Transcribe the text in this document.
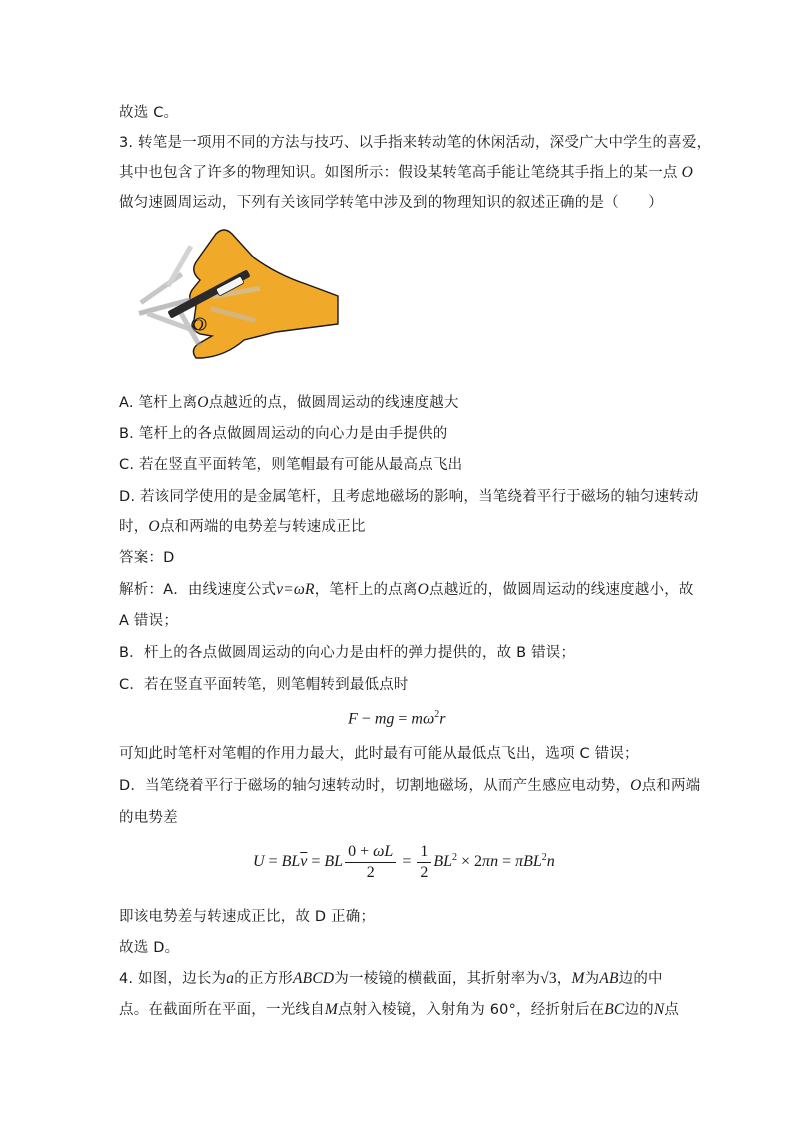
故选 C。
3. 转笔是一项用不同的方法与技巧、以手指来转动笔的休闲活动，深受广大中学生的喜爱，
其中也包含了许多的物理知识。如图所示：假设某转笔高手能让笔绕其手指上的某一点 O
做匀速圆周运动，下列有关该同学转笔中涉及到的物理知识的叙述正确的是（　　）
O
A. 笔杆上离O点越近的点，做圆周运动的线速度越大
B. 笔杆上的各点做圆周运动的向心力是由手提供的
C. 若在竖直平面转笔，则笔帽最有可能从最高点飞出
D. 若该同学使用的是金属笔杆，且考虑地磁场的影响，当笔绕着平行于磁场的轴匀速转动
时，O点和两端的电势差与转速成正比
答案：D
解析：A．由线速度公式v=ωR，笔杆上的点离O点越近的，做圆周运动的线速度越小，故
A 错误；
B．杆上的各点做圆周运动的向心力是由杆的弹力提供的，故 B 错误；
C．若在竖直平面转笔，则笔帽转到最低点时
F − mg = $m\omega^2r$
可知此时笔杆对笔帽的作用力最大，此时最有可能从最低点飞出，选项 C 错误；
D．当笔绕着平行于磁场的轴匀速转动时，切割地磁场，从而产生感应电动势，O点和两端
的电势差
$U = BL\overline{v}$ = BL $\frac{0 + \omega L}{2} = \frac{1}{2} BL^2 \times 2\pi n = \pi BL^2n$
即该电势差与转速成正比，故 D 正确；
故选 D。
4. 如图，边长为a的正方形ABCD为一棱镜的横截面，其折射率为√3，M为AB边的中
点。在截面所在平面，一光线自M点射入棱镜，入射角为 60°，经折射后在BC边的N点
